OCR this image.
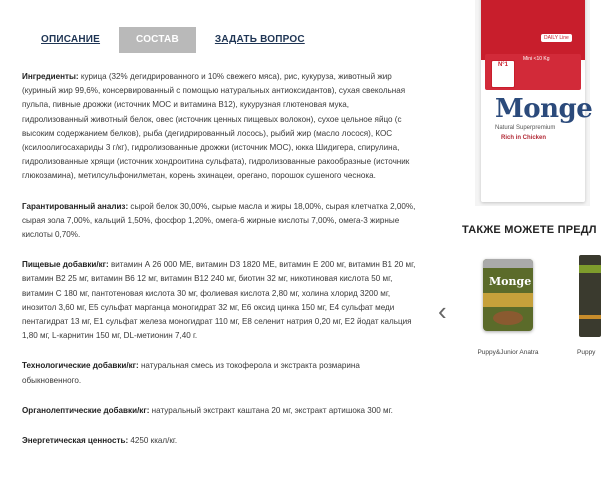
ОПИСАНИЕ	СОСТАВ	ЗАДАТЬ ВОПРОС

Ингредиенты: курица (32% дегидрированного и 10% свежего мяса), рис, кукуруза, животный жир (куриный жир 99,6%, консервированный с помощью натуральных антиоксидантов), сухая свекольная пульпа, пивные дрожжи (источник МОС и витамина В12), кукурузная глютеновая мука, гидролизованный животный белок, овес (источник ценных пищевых волокон), сухое цельное яйцо (с высоким содержанием белков), рыба (дегидрированный лосось), рыбий жир (масло лосося), КОС (ксилоолигосахариды 3 г/кг), гидролизованные дрожжи (источник МОС), юкка Шидигера, спирулина, гидролизованные хрящи (источник хондроитина сульфата), гидролизованные ракообразные (источник глюкозамина), метилсульфонилметан, корень эхинацеи, орегано, порошок сушеного чеснока.

Гарантированный анализ: сырой белок 30,00%, сырые масла и жиры 18,00%, сырая клетчатка 2,00%, сырая зола 7,00%, кальций 1,50%, фосфор 1,20%, омега-6 жирные кислоты 7,00%, омега-3 жирные кислоты 0,70%.

Пищевые добавки/кг: витамин А 26 000 МЕ, витамин D3 1820 МЕ, витамин Е 200 мг, витамин В1 20 мг, витамин В2 25 мг, витамин В6 12 мг, витамин В12 240 мг, биотин 32 мг, никотиновая кислота 50 мг, витамин С 180 мг, пантотеновая кислота 30 мг, фолиевая кислота 2,80 мг, холина хлорид 3200 мг, инозитол 3,60 мг, Е5 сульфат марганца моногидрат 32 мг, Е6 оксид цинка 150 мг, Е4 сульфат меди пентагидрат 13 мг, Е1 сульфат железа моногидрат 110 мг, Е8 селенит натрия 0,20 мг, Е2 йодат кальция 1,80 мг, L-карнитин 150 мг, DL-метионин 7,40 г.

Технологические добавки/кг: натуральная смесь из токоферола и экстракта розмарина обыкновенного.

Органолептические добавки/кг: натуральный экстракт каштана 20 мг, экстракт артишока 300 мг.

Энергетическая ценность: 4250 ккал/кг.

DAILY Line
N°1
Mini <10 Kg
Monge
Natural Superpremium
Rich in Chicken
ТАКЖЕ МОЖЕТЕ ПРЕДЛ
‹
Monge
Puppy&Junior Anatra	Puppy
